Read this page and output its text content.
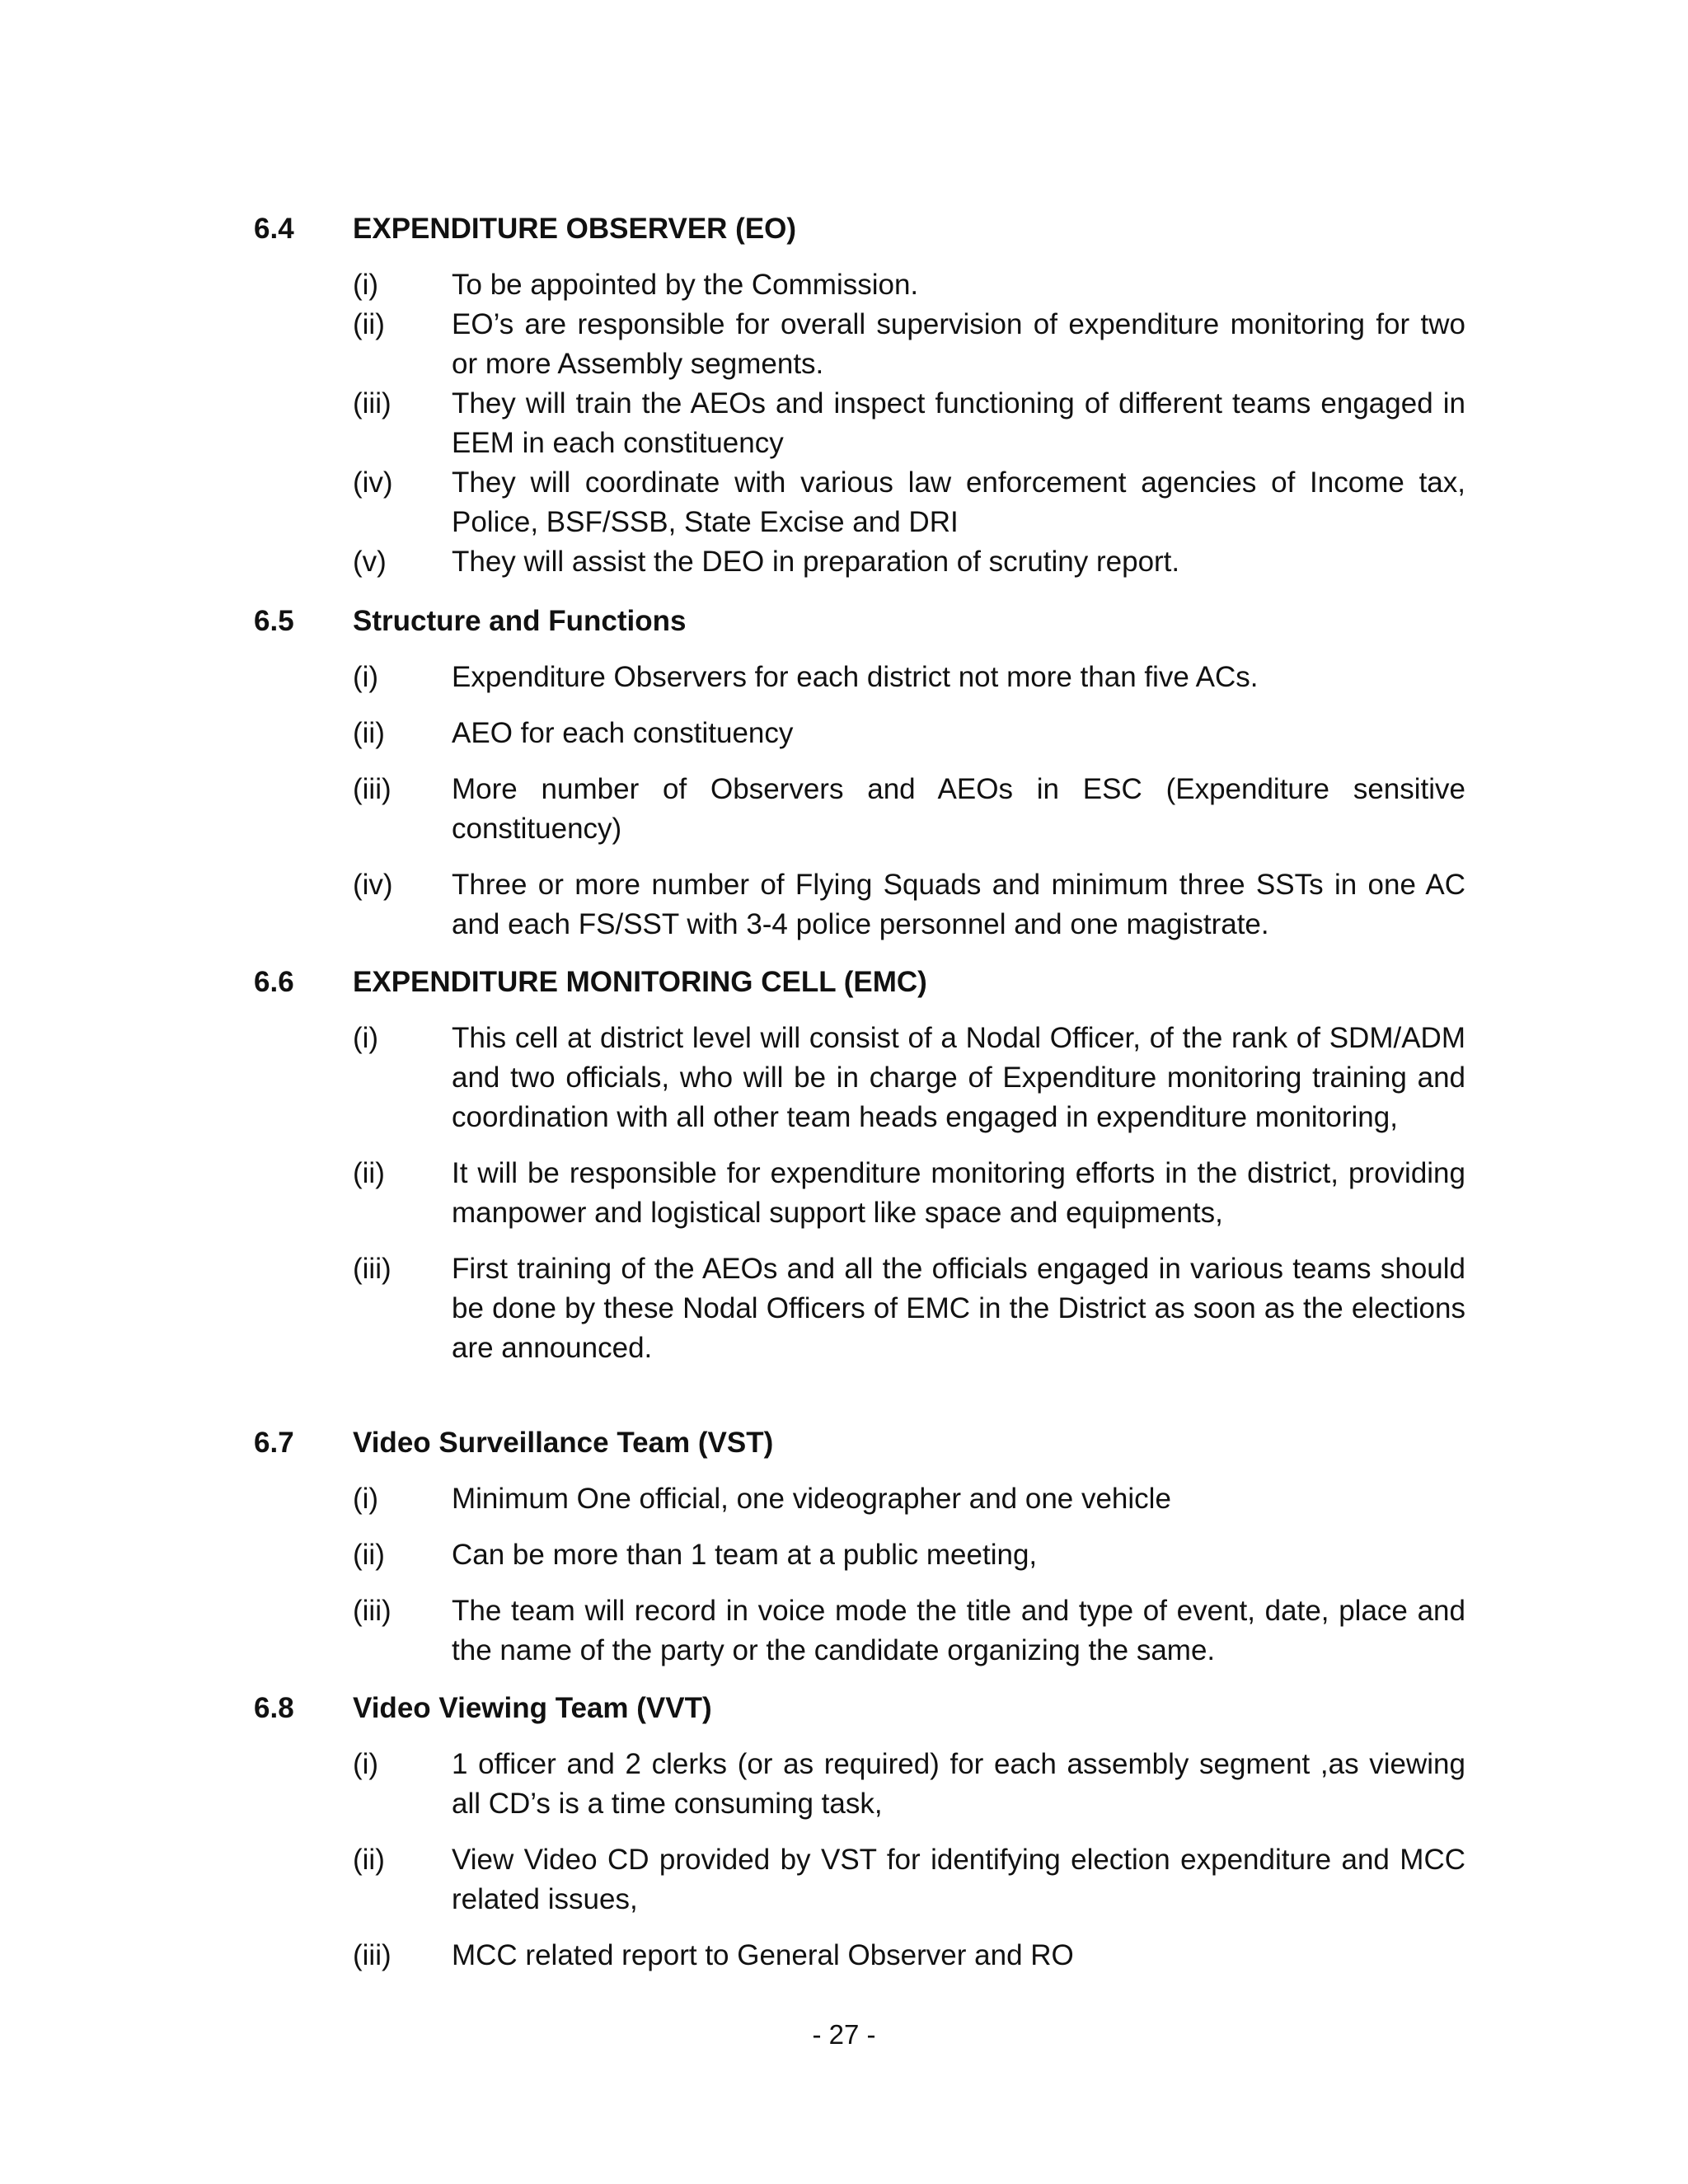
6.4	EXPENDITURE OBSERVER (EO)
(i)	To be appointed by the Commission.
(ii)	EO’s are responsible for overall supervision of expenditure monitoring for two or more Assembly segments.
(iii)	They will train the AEOs and inspect functioning of different teams engaged in EEM in each constituency
(iv)	They will coordinate with various law enforcement agencies of Income tax, Police, BSF/SSB, State Excise and DRI
(v)	They will assist the DEO in preparation of scrutiny report.
6.5	Structure and Functions
(i)	Expenditure Observers for each district not more than five ACs.
(ii)	AEO for each constituency
(iii)	More number of Observers and AEOs in ESC (Expenditure sensitive constituency)
(iv)	Three or more number of Flying Squads and minimum three SSTs in one AC and each FS/SST with 3-4 police personnel and one magistrate.
6.6	EXPENDITURE MONITORING CELL (EMC)
(i)	This cell at district level will consist of a Nodal Officer, of the rank of SDM/ADM and two officials, who will be in charge of Expenditure monitoring training and coordination with all other team heads engaged in expenditure monitoring,
(ii)	It will be responsible for expenditure monitoring efforts in the district, providing manpower and logistical support like space and equipments,
(iii)	First training of the AEOs and all the officials engaged in various teams should be done by these Nodal Officers of EMC in the District as soon as the elections are announced.
6.7	Video Surveillance Team (VST)
(i)	Minimum One official, one videographer and one vehicle
(ii)	Can be more than 1 team at a public meeting,
(iii)	The team will record in voice mode the title and type of event, date, place and the name of the party or the candidate organizing the same.
6.8	Video Viewing Team (VVT)
(i)	1 officer and 2 clerks (or as required) for each assembly segment ,as viewing all CD’s is a time consuming task,
(ii)	View Video CD provided by VST for identifying election expenditure and MCC related issues,
(iii)	MCC related report to General Observer and RO
- 27 -
